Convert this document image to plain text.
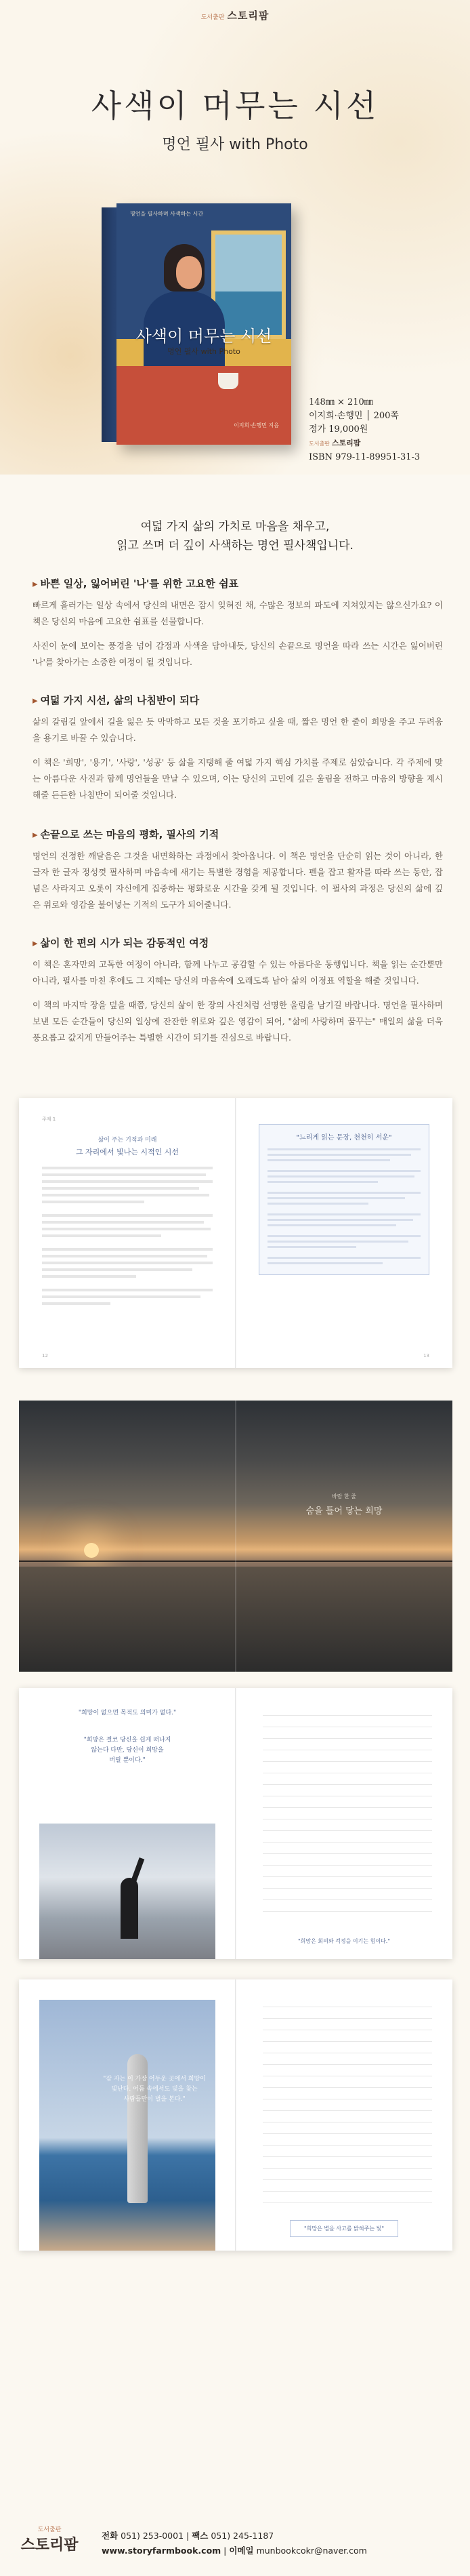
도서출판 스토리팜
사색이 머무는 시선
명언 필사 with Photo
명언을 필사하며 사색하는 시간
사색이 머무는 시선
명언 필사 with Photo
이지희·손행민 지음
148㎜ × 210㎜
이지희·손행민 │ 200쪽
정가 19,000원
도서출판 스토리팜
ISBN 979-11-89951-31-3
여덟 가지 삶의 가치로 마음을 채우고,
읽고 쓰며 더 깊이 사색하는 명언 필사책입니다.
▸ 바쁜 일상, 잃어버린 '나'를 위한 고요한 쉼표

빠르게 흘러가는 일상 속에서 당신의 내면은 잠시 잊혀진 채, 수많은 정보의 파도에 지쳐있지는 않으신가요? 이 책은 당신의 마음에 고요한 쉼표를 선물합니다.

사진이 눈에 보이는 풍경을 넘어 감정과 사색을 담아내듯, 당신의 손끝으로 명언을 따라 쓰는 시간은 잃어버린 '나'를 찾아가는 소중한 여정이 될 것입니다.

▸ 여덟 가지 시선, 삶의 나침반이 되다

삶의 갈림길 앞에서 길을 잃은 듯 막막하고 모든 것을 포기하고 싶을 때, 짧은 명언 한 줄이 희망을 주고 두려움을 용기로 바꿀 수 있습니다.

이 책은 '희망', '용기', '사랑', '성공' 등 삶을 지탱해 줄 여덟 가지 핵심 가치를 주제로 삼았습니다. 각 주제에 맞는 아름다운 사진과 함께 명언들을 만날 수 있으며, 이는 당신의 고민에 깊은 울림을 전하고 마음의 방향을 제시해줄 든든한 나침반이 되어줄 것입니다.

▸ 손끝으로 쓰는 마음의 평화, 필사의 기적

명언의 진정한 깨달음은 그것을 내면화하는 과정에서 찾아옵니다. 이 책은 명언을 단순히 읽는 것이 아니라, 한 글자 한 글자 정성껏 필사하며 마음속에 새기는 특별한 경험을 제공합니다. 펜을 잡고 활자를 따라 쓰는 동안, 잡념은 사라지고 오롯이 자신에게 집중하는 평화로운 시간을 갖게 될 것입니다. 이 필사의 과정은 당신의 삶에 깊은 위로와 영감을 불어넣는 기적의 도구가 되어줄니다.

▸ 삶이 한 편의 시가 되는 감동적인 여정

이 책은 혼자만의 고독한 여정이 아니라, 함께 나누고 공감할 수 있는 아름다운 동행입니다. 책을 읽는 순간뿐만 아니라, 필사를 마친 후에도 그 지혜는 당신의 마음속에 오래도록 남아 삶의 이정표 역할을 해줄 것입니다.

이 책의 마지막 장을 덮을 때쯤, 당신의 삶이 한 장의 사진처럼 선명한 울림을 남기길 바랍니다. 명언을 필사하며 보낸 모든 순간들이 당신의 일상에 잔잔한 위로와 깊은 영감이 되어, "삶에 사랑하며 꿈꾸는" 매일의 삶을 더욱 풍요롭고 값지게 만들어주는 특별한 시간이 되기를 진심으로 바랍니다.

주제 1
삶이 주는 기적과 미래
그 자리에서 빛나는 시적인 시선
12
"느리게 읽는 문장, 천천히 서운"
13
바람 한 줄
숨을 틀어 닿는 희망
"희망이 없으면 목적도 의미가 없다."
"희망은 결코 당신을 쉽게 떠나지
않는다 다만, 당신이 희망을
버릴 뿐이다."
"희망은 회의와 걱정을 이기는 힘이다."
"잠 자는 이 가장 어두운 곳에서 희망이
빛난다. 어둠 속에서도 빛을 찾는
사람들만이 별을 본다."
"희망은 별을 사고를 밝혀주는 빛"
도서출판
스토리팜
전화 051) 253-0001 | 팩스 051) 245-1187
www.storyfarmbook.com | 이메일 munbookcokr@naver.com
